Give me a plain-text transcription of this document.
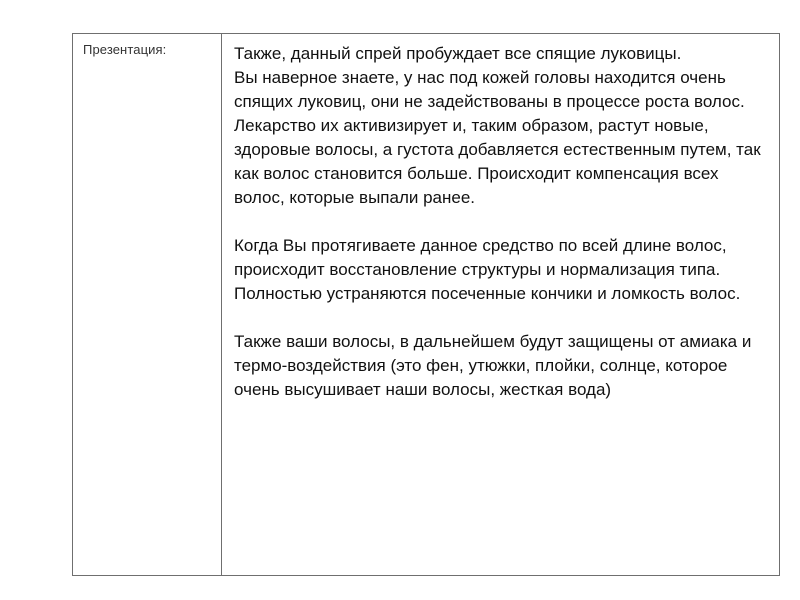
Презентация:	Также, данный спрей пробуждает все спящие луковицы.

Вы наверное знаете, у нас под кожей головы находится очень спящих луковиц, они не задействованы в процессе роста волос. Лекарство их активизирует и, таким образом, растут новые, здоровые волосы, а густота добавляется естественным путем, так как волос становится больше. Происходит компенсация всех волос, которые выпали ранее.

Когда Вы протягиваете данное средство по всей длине волос, происходит восстановление структуры и нормализация типа. Полностью устраняются посеченные кончики и ломкость волос.

Также ваши волосы, в дальнейшем будут защищены от амиака и термо-воздействия (это фен, утюжки, плойки, солнце, которое очень высушивает наши волосы, жесткая вода)
